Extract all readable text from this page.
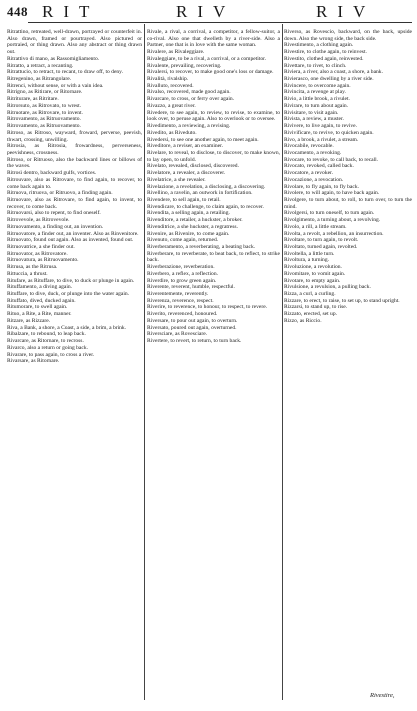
448 RIT	RIV	RIV

Ritrattino, retreated, well-drawn, portrayed or counterfeit in. Also drawn, framed or pourtrayed. Also pictured or portraied, or thing drawn. Also any abstract or thing drawn out.

Ritrattivo di mano, as Rassomigliamento.

Ritratto, a retract, a recanting.

Ritrattucio, to retract, to recant, to draw off, to deny.

Ritregenino, as Ritrangolare.

Ritrenci, without sense, or with a vain idea.

Ritrigno, as Ritirare, or Ritornare.

Ritriturare, as Ritritare.

Ritrorsuto, as Ritrovato, to wrest.

Ritruotare, as Ritrovare, to invent.

Ritrovamento, as Ritruovamento.

Ritrovamento, as Ritruovamento.

Ritroso, as Ritroso, wayward, froward, perverse, peevish, thwart, crossing, unwilling.

Ritrosia, as Ritrosia, frowardness, perverseness, peevishness, crossness.

Ritroso, or Ritruoso, also the backward lines or billows of the waves.

Ritrosì dentro, backward gulfs, vortices.

Ritrouvare, also as Ritrovare, to find again, to recover, to come back again to.

Ritruova, ritruova, or Ritruovo, a finding again.

Ritruovare, also as Ritrovare, to find again, to invent, to recover, to come back.

Ritruovarsi, also to repent, to find oneself.

Ritrovevole, as Ritrovevole.

Ritruovamento, a finding out, an invention.

Ritruovatore, a finder out, an inventer. Also as Rinvenitore.

Ritruovato, found out again. Also as invented, found out.

Ritruovatrice, a she finder out.

Ritruovator, as Ritrovatore.

Ritruovatura, as Ritruovamento.

Ritrusa, as the Ritrusa.

Rittuccia, a thrust.

Ritufare, as Rituffare, to dive, to duck or plunge in again.

Rituffamento, a diving again.

Rituffare, to dive, duck, or plunge into the water again.

Rituffato, dived, ducked again.

Ritumorare, to swell again.

Rituo, a Rite, a Rite, manner.

Ritzare, as Rizzare.

Riva, a Bank, a shore, a Coast, a side, a brim, a brink.

Ribalzare, to rebound, to leap back.

Rivarcare, as Ritornare, to recross.

Rivarco, also a return or going back.

Rivarare, to pass again, to cross a river.

Rivarsare, as Ritornare.

Rivale, a rival, a corrival, a competitor, a fellow-suitor, a co-rival. Also one that dwelleth by a river-side. Also a Partner, one that is in love with the same woman.

Rivalere, as Rivaleggiare.

Rivaleggiare, to be a rival, a corrival, or a competitor.

Rivalente, prevailing, recovering.

Rivalersi, to recover, to make good one's loss or damage.

Rivalità, rivalship.

Rivalluto, recovered.

Rivalso, recovered, made good again.

Rivarcare, to cross, or ferry over again.

Rivazzo, a great river.

Rivedere, to see again, to review, to revise, to examine, to look over, to peruse again. Also to overlook or to oversee.

Rivedimento, a reviewing, a revising.

Rivedito, as Riveduto.

Rivedersi, to see one another again, to meet again.

Riveditore, a reviser, an examiner.

Rivelare, to reveal, to disclose, to discover, to make known, to lay open, to unfold.

Rivelato, revealed, disclosed, discovered.

Rivelatore, a revealer, a discoverer.

Rivelatrice, a she revealer.

Rivelazione, a revelation, a disclosing, a discovering.

Rivellino, a ravelin, an outwork in fortification.

Rivendere, to sell again, to retail.

Rivendicare, to challenge, to claim again, to recover.

Rivendita, a selling again, a retailing.

Rivenditore, a retailer, a huckster, a broker.

Rivenditrice, a she huckster, a regratress.

Rivenire, as Rivenire, to come again.

Rivenuto, come again, returned.

Riverberamento, a reverberating, a beating back.

Riverberare, to reverberate, to beat back, to reflect, to strike back.

Riverberazione, reverberation.

Riverbero, a reflex, a reflection.

Riverdire, to grow green again.

Riverente, reverent, humble, respectful.

Riverentemente, reverently.

Riverenza, reverence, respect.

Riverire, to reverence, to honour, to respect, to revere.

Riverito, reverenced, honoured.

Riversare, to pour out again, to overturn.

Riversato, poured out again, overturned.

Riversciare, as Rovesciare.

Rivertere, to revert, to return, to turn back.

Riverso, as Rovescio, backward, on the back, upside down. Also the wrong side, the back side.

Rivestimento, a clothing again.

Rivestire, to clothe again, to reinvest.

Rivestito, clothed again, reinvested.

Rivettare, to rivet, to clinch.

Riviera, a river, also a coast, a shore, a bank.

Rivierasco, one dwelling by a river side.

Rivincere, to overcome again.

Rivincita, a revenge at play.

Rivio, a little brook, a rivulet.

Rivirare, to turn about again.

Rivisitare, to visit again.

Rivista, a review, a muster.

Rivivere, to live again, to revive.

Rivivificare, to revive, to quicken again.

Rivo, a brook, a rivulet, a stream.

Rivocabile, revocable.

Rivocamento, a revoking.

Rivocare, to revoke, to call back, to recall.

Rivocato, revoked, called back.

Rivocatore, a revoker.

Rivocazione, a revocation.

Rivolare, to fly again, to fly back.

Rivolere, to will again, to have back again.

Rivolgere, to turn about, to roll, to turn over, to turn the mind.

Rivolgersi, to turn oneself, to turn again.

Rivolgimento, a turning about, a revolving.

Rivolo, a rill, a little stream.

Rivolta, a revolt, a rebellion, an insurrection.

Rivoltare, to turn again, to revolt.

Rivoltato, turned again, revolted.

Rivoltella, a little turn.

Rivoltura, a turning.

Rivoluzione, a revolution.

Rivomitare, to vomit again.

Rivotare, to empty again.

Rivulsione, a revulsion, a pulling back.

Rizza, a curl, a curling.

Rizzare, to erect, to raise, to set up, to stand upright.

Rizzarsi, to stand up, to rise.

Rizzato, erected, set up.

Rizzo, as Riccio.

Rivestire,
